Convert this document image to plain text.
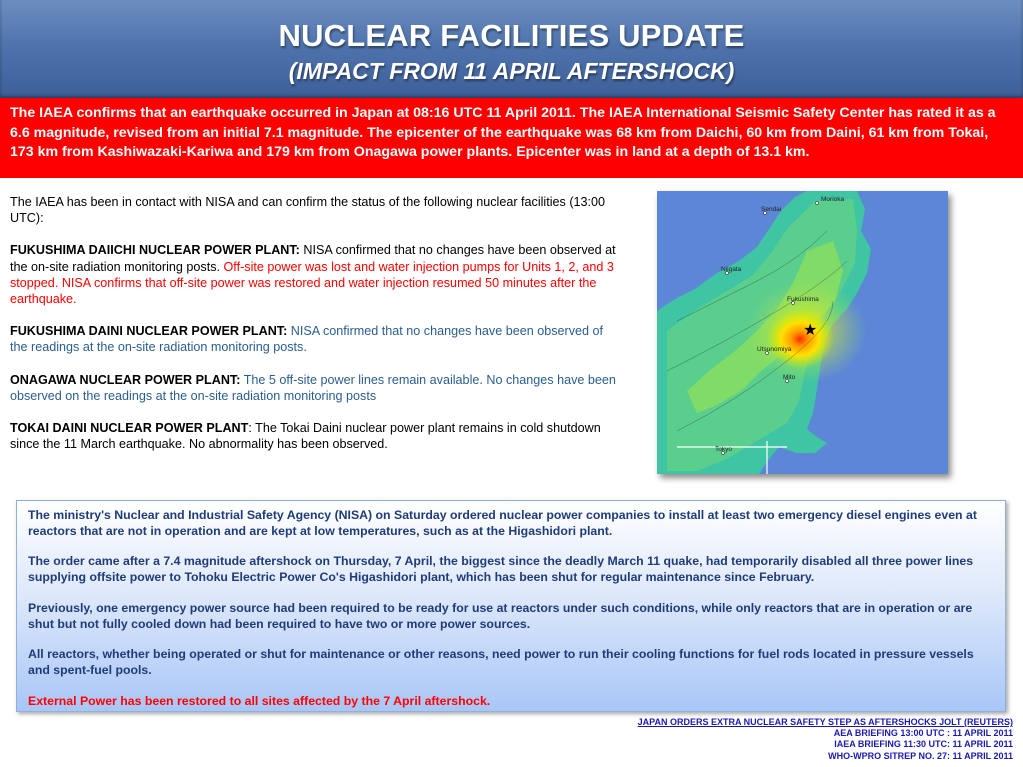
NUCLEAR FACILITIES UPDATE
(IMPACT FROM 11 APRIL AFTERSHOCK)
The IAEA confirms that an earthquake occurred in Japan at 08:16 UTC 11 April 2011. The IAEA International Seismic Safety Center has rated it as a 6.6 magnitude, revised from an initial 7.1 magnitude. The epicenter of the earthquake was 68 km from Daichi, 60 km from Daini, 61 km from Tokai, 173 km from Kashiwazaki-Kariwa and 179 km from Onagawa power plants. Epicenter was in land at a depth of 13.1 km.

The IAEA has been in contact with NISA and can confirm the status of the following nuclear facilities (13:00 UTC):

FUKUSHIMA DAIICHI NUCLEAR POWER PLANT: NISA confirmed that no changes have been observed at the on-site radiation monitoring posts. Off-site power was lost and water injection pumps for Units 1, 2, and 3 stopped. NISA confirms that off-site power was restored and water injection resumed 50 minutes after the earthquake.

FUKUSHIMA DAINI NUCLEAR POWER PLANT: NISA confirmed that no changes have been observed of the readings at the on-site radiation monitoring posts.

ONAGAWA NUCLEAR POWER PLANT: The 5 off-site power lines remain available. No changes have been observed on the readings at the on-site radiation monitoring posts

TOKAI DAINI NUCLEAR POWER PLANT: The Tokai Daini nuclear power plant remains in cold shutdown since the 11 March earthquake. No abnormality has been observed.

★
Morioka
Sendai
Niigata
Fukushima
Utsunomiya
Mito
Tokyo

The ministry's Nuclear and Industrial Safety Agency (NISA) on Saturday ordered nuclear power companies to install at least two emergency diesel engines even at reactors that are not in operation and are kept at low temperatures, such as at the Higashidori plant.

The order came after a 7.4 magnitude aftershock on Thursday, 7 April, the biggest since the deadly March 11 quake, had temporarily disabled all three power lines supplying offsite power to Tohoku Electric Power Co's Higashidori plant, which has been shut for regular maintenance since February.

Previously, one emergency power source had been required to be ready for use at reactors under such conditions, while only reactors that are in operation or are shut but not fully cooled down had been required to have two or more power sources.

All reactors, whether being operated or shut for maintenance or other reasons, need power to run their cooling functions for fuel rods located in pressure vessels and spent-fuel pools.

External Power has been restored to all sites affected by the 7 April aftershock.

JAPAN ORDERS EXTRA NUCLEAR SAFETY STEP AS AFTERSHOCKS JOLT (REUTERS)
AEA BRIEFING 13:00 UTC : 11 APRIL 2011
IAEA BRIEFING 11:30 UTC: 11 APRIL 2011
WHO-WPRO SITREP NO. 27: 11 APRIL 2011
